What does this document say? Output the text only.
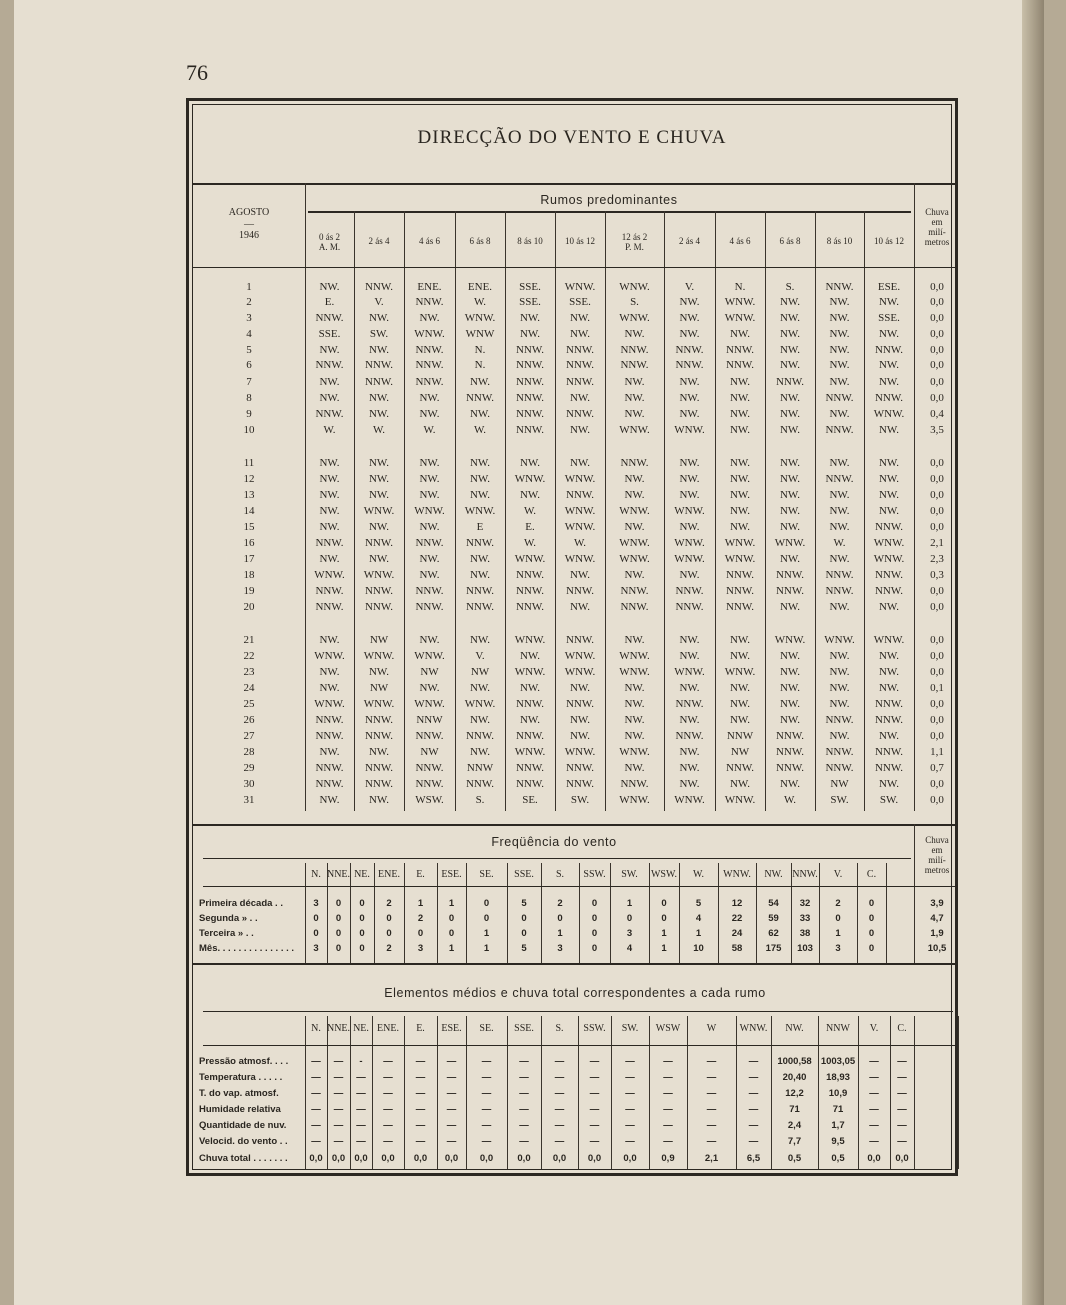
76
DIRECÇÃO DO VENTO E CHUVA
Rumos predominantes
AGOSTO
—
1946
Chuva
em
milí-
metros
0 ás 2
A. M.
2 ás 4	4 ás 6	6 ás 8	8 ás 10 10 ás 12	12 ás 2
P. M.
2 ás 4	4 ás 6	6 ás 8	8 ás 10 10 ás 12
1	NW. NNW. ENE. ENE. SSE. WNW. WNW.	V.	N.	S.	NNW. ESE.	0,0
2	E.	V.	NNW.	W.	SSE.	SSE.	S.	NW. WNW. NW.	NW.	NW.	0,0
3	NNW. NW.	NW. WNW. NW.	NW.	WNW.	NW. WNW. NW.	NW.	SSE.	0,0
4	SSE.	SW. WNW. WNW NW.	NW.	NW.	NW.	NW.	NW.	NW.	NW.	0,0
5	NW.	NW. NNW.	N.	NNW. NNW. NNW. NNW. NNW. NW.	NW. NNW. 0,0
6	NNW. NNW. NNW.	N.	NNW. NNW. NNW. NNW. NNW. NW.	NW.	NW.	0,0
7	NW. NNW. NNW. NW. NNW. NNW.	NW.	NW.	NW. NNW. NW.	NW.	0,0
8	NW.	NW.	NW. NNW. NNW. NW.	NW.	NW.	NW.	NW. NNW. NNW. 0,0
9	NNW. NW.	NW.	NW. NNW. NNW.	NW.	NW.	NW.	NW.	NW. WNW. 0,4
10	W.	W.	W.	W.	NNW. NW.	WNW. WNW. NW.	NW. NNW. NW.	3,5
11	NW.	NW.	NW.	NW.	NW.	NW.	NNW.	NW.	NW.	NW.	NW.	NW.	0,0
12	NW.	NW.	NW.	NW. WNW. WNW.	NW.	NW.	NW.	NW. NNW. NW.	0,0
13	NW.	NW.	NW.	NW.	NW. NNW.	NW.	NW.	NW.	NW.	NW.	NW.	0,0
14	NW. WNW. WNW. WNW.	W.	WNW. WNW. WNW. NW.	NW.	NW.	NW.	0,0
15	NW.	NW.	NW.	E	E.	WNW.	NW.	NW.	NW.	NW.	NW. NNW. 0,0
16	NNW. NNW. NNW. NNW.	W.	W.	WNW. WNW. WNW. WNW.	W.	WNW. 2,1
17	NW.	NW.	NW.	NW. WNW. WNW. WNW. WNW. WNW. NW.	NW. WNW. 2,3
18	WNW. WNW. NW.	NW. NNW. NW.	NW.	NW. NNW. NNW. NNW. NNW. 0,3
19	NNW. NNW. NNW. NNW. NNW. NNW. NNW. NNW. NNW. NNW. NNW. NNW. 0,0
20	NNW. NNW. NNW. NNW. NNW. NW.	NNW. NNW. NNW. NW.	NW.	NW.	0,0
21	NW.	NW	NW.	NW. WNW. NNW.	NW.	NW.	NW. WNW. WNW. WNW. 0,0
22	WNW. WNW. WNW.	V.	NW. WNW. WNW.	NW.	NW.	NW.	NW.	NW.	0,0
23	NW.	NW.	NW	NW WNW. WNW. WNW. WNW. WNW. NW.	NW.	NW.	0,0
24	NW.	NW	NW.	NW.	NW.	NW.	NW.	NW.	NW.	NW.	NW.	NW.	0,1
25	WNW. WNW. WNW. WNW. NNW. NNW.	NW.	NNW. NW.	NW.	NW. NNW. 0,0
26	NNW. NNW. NNW NW.	NW.	NW.	NW.	NW.	NW.	NW. NNW. NNW. 0,0
27	NNW. NNW. NNW. NNW. NNW. NW.	NW.	NNW. NNW NNW. NW.	NW.	0,0
28	NW.	NW.	NW	NW. WNW. WNW. WNW.	NW.	NW NNW. NNW. NNW. 1,1
29	NNW. NNW. NNW. NNW NNW. NNW.	NW.	NW. NNW. NNW. NNW. NNW. 0,7
30	NNW. NNW. NNW. NNW. NNW. NNW. NNW.	NW.	NW.	NW.	NW	NW.	0,0
31	NW.	NW. WSW.	S.	SE.	SW.	WNW. WNW. WNW.	W.	SW.	SW.	0,0
Freqüência do vento	Chuva
em
milí-
metros
N. NNE. NE. ENE. E. ESE. SE. SSE. S. SSW. SW. WSW. W. WNW. NW. NNW. V. C.
Primeira década . .	3 0 0 2	1	1	0	5	2	0	1	0	5	12	54 32	2	0	3,9
Segunda » . .	0 0 0 0	2	0	0	0	0	0	0	0	4	22	59 33	0	0	4,7
Terceira » . .	0 0 0 0	0	0	1	0	1	0	3	1	1	24	62 38	1	0	1,9
Mês. . . . . . . . . . . . . . . 3 0 0 2	3	1	1	5	3	0	4	1	10	58 175 103 3	0	10,5
Elementos médios e chuva total correspondentes a cada rumo
N. NNE. NE. ENE. E. ESE. SE. SSE. S. SSW. SW. WSW	W WNW. NW. NNW V. C.
Pressão atmosf. . . . — — - — — —	—	—	—	—	—	—	—	— 1000,58 1003,05 — —
Temperatura . . . . .	— — — — — —	—	—	—	—	—	—	—	—	20,40 18,93 — —
T. do vap. atmosf.	— — — — — —	—	—	—	—	—	—	—	—	12,2	10,9 — —
Humidade relativa	— — — — — —	—	—	—	—	—	—	—	—	71	71	— —
Quantidade de nuv.	— — — — — —	—	—	—	—	—	—	—	—	2,4	1,7	— —
Velocid. do vento . . — — — — — —	—	—	—	—	—	—	—	—	7,7	9,5	— —
Chuva total . . . . . . . 0,0 0,0 0,0 0,0 0,0 0,0 0,0	0,0 0,0 0,0 0,0	0,9	2,1	6,5	0,5	0,5 0,0 0,0
